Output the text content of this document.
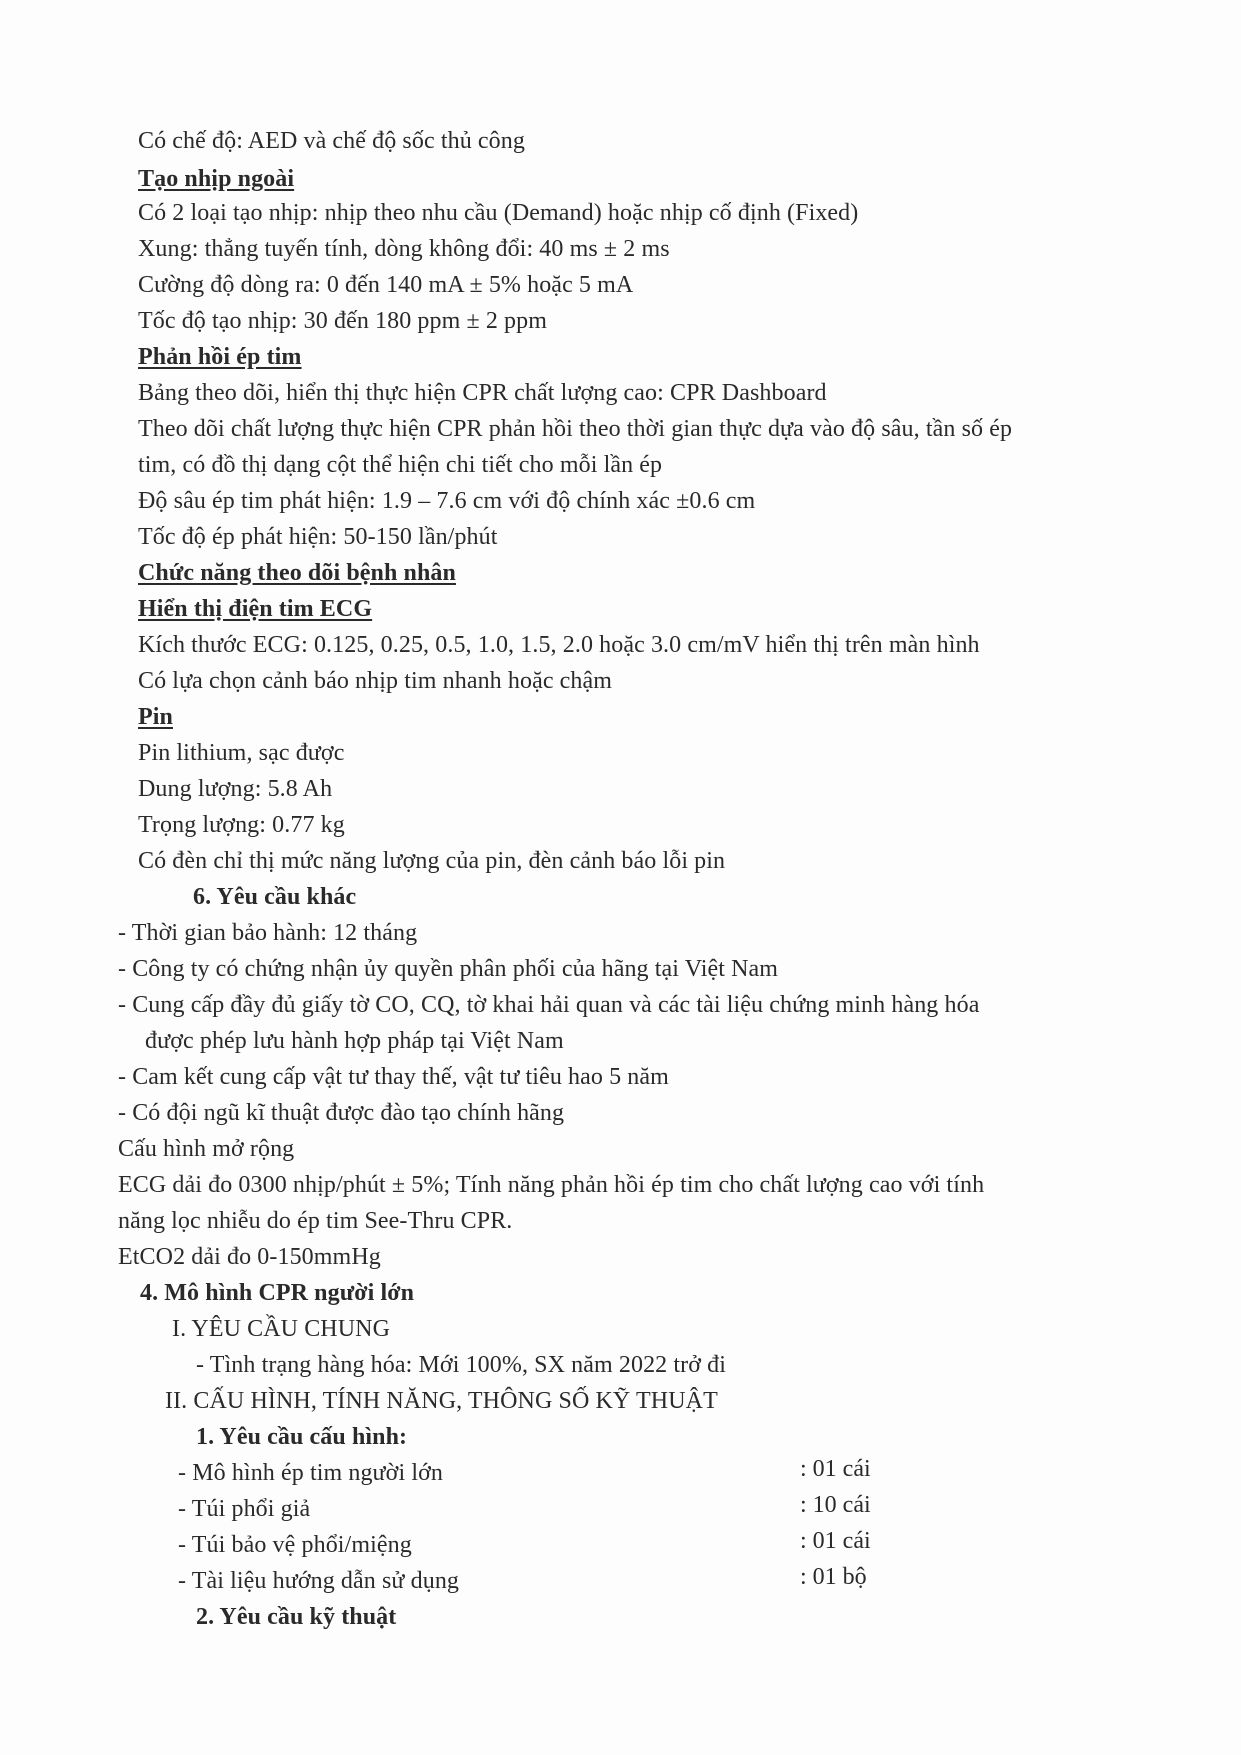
Có chế độ: AED và chế độ sốc thủ công
Tạo nhịp ngoài
Có 2 loại tạo nhịp: nhịp theo nhu cầu (Demand) hoặc nhịp cố định (Fixed)
Xung: thẳng tuyến tính, dòng không đổi: 40 ms ± 2 ms
Cường độ dòng ra: 0 đến 140 mA ± 5% hoặc 5 mA
Tốc độ tạo nhịp: 30 đến 180 ppm ± 2 ppm
Phản hồi ép tim
Bảng theo dõi, hiển thị thực hiện CPR chất lượng cao: CPR Dashboard
Theo dõi chất lượng thực hiện CPR phản hồi theo thời gian thực dựa vào độ sâu, tần số ép
tim, có đồ thị dạng cột thể hiện chi tiết cho mỗi lần ép
Độ sâu ép tim phát hiện: 1.9 – 7.6 cm với độ chính xác ±0.6 cm
Tốc độ ép phát hiện: 50-150 lần/phút
Chức năng theo dõi bệnh nhân
Hiển thị điện tim ECG
Kích thước ECG: 0.125, 0.25, 0.5, 1.0, 1.5, 2.0 hoặc 3.0 cm/mV hiển thị trên màn hình
Có lựa chọn cảnh báo nhịp tim nhanh hoặc chậm
Pin
Pin lithium, sạc được
Dung lượng: 5.8 Ah
Trọng lượng: 0.77 kg
Có đèn chỉ thị mức năng lượng của pin, đèn cảnh báo lỗi pin
6. Yêu cầu khác
- Thời gian bảo hành: 12 tháng
- Công ty có chứng nhận ủy quyền phân phối của hãng tại Việt Nam
- Cung cấp đầy đủ giấy tờ CO, CQ, tờ khai hải quan và các tài liệu chứng minh hàng hóa
được phép lưu hành hợp pháp tại Việt Nam
- Cam kết cung cấp vật tư thay thế, vật tư tiêu hao 5 năm
- Có đội ngũ kĩ thuật được đào tạo chính hãng
Cấu hình mở rộng
ECG dải đo 0300 nhịp/phút ± 5%; Tính năng phản hồi ép tim cho chất lượng cao với tính
năng lọc nhiễu do ép tim See-Thru CPR.
EtCO2 dải đo 0-150mmHg
4. Mô hình CPR người lớn
I. YÊU CẦU CHUNG
- Tình trạng hàng hóa: Mới 100%, SX năm 2022 trở đi
II. CẤU HÌNH, TÍNH NĂNG, THÔNG SỐ KỸ THUẬT
1. Yêu cầu cấu hình:
- Mô hình ép tim người lớn	: 01 cái
- Túi phổi giả	: 10 cái
- Túi bảo vệ phổi/miệng	: 01 cái
- Tài liệu hướng dẫn sử dụng	: 01 bộ
2. Yêu cầu kỹ thuật
